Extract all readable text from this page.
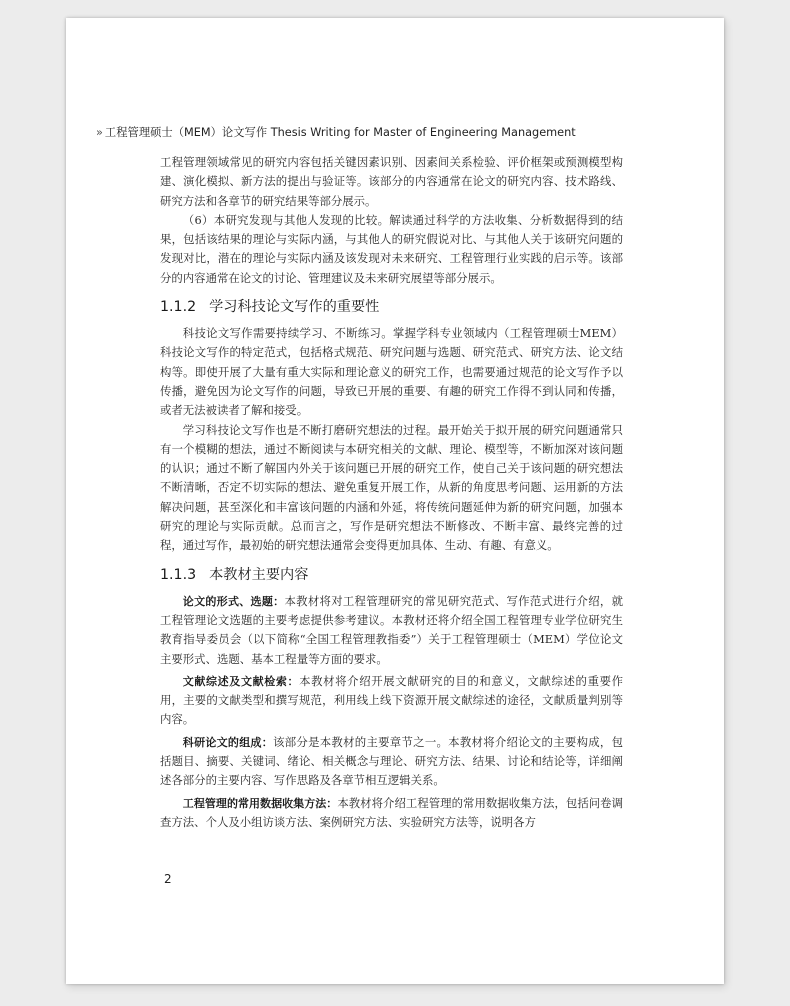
» 工程管理硕士（MEM）论文写作 Thesis Writing for Master of Engineering Management

工程管理领域常见的研究内容包括关键因素识别、因素间关系检验、评价框架或预测模型构建、演化模拟、新方法的提出与验证等。该部分的内容通常在论文的研究内容、技术路线、研究方法和各章节的研究结果等部分展示。

（6）本研究发现与其他人发现的比较。解读通过科学的方法收集、分析数据得到的结果，包括该结果的理论与实际内涵，与其他人的研究假说对比、与其他人关于该研究问题的发现对比，潜在的理论与实际内涵及该发现对未来研究、工程管理行业实践的启示等。该部分的内容通常在论文的讨论、管理建议及未来研究展望等部分展示。

1.1.2 学习科技论文写作的重要性

科技论文写作需要持续学习、不断练习。掌握学科专业领域内（工程管理硕士MEM）科技论文写作的特定范式，包括格式规范、研究问题与选题、研究范式、研究方法、论文结构等。即使开展了大量有重大实际和理论意义的研究工作，也需要通过规范的论文写作予以传播，避免因为论文写作的问题，导致已开展的重要、有趣的研究工作得不到认同和传播，或者无法被读者了解和接受。

学习科技论文写作也是不断打磨研究想法的过程。最开始关于拟开展的研究问题通常只有一个模糊的想法，通过不断阅读与本研究相关的文献、理论、模型等，不断加深对该问题的认识；通过不断了解国内外关于该问题已开展的研究工作，使自己关于该问题的研究想法不断清晰，否定不切实际的想法、避免重复开展工作，从新的角度思考问题、运用新的方法解决问题，甚至深化和丰富该问题的内涵和外延，将传统问题延伸为新的研究问题，加强本研究的理论与实际贡献。总而言之，写作是研究想法不断修改、不断丰富、最终完善的过程，通过写作，最初始的研究想法通常会变得更加具体、生动、有趣、有意义。

1.1.3 本教材主要内容

论文的形式、选题：本教材将对工程管理研究的常见研究范式、写作范式进行介绍，就工程管理论文选题的主要考虑提供参考建议。本教材还将介绍全国工程管理专业学位研究生教育指导委员会（以下简称“全国工程管理教指委”）关于工程管理硕士（MEM）学位论文主要形式、选题、基本工程量等方面的要求。

文献综述及文献检索：本教材将介绍开展文献研究的目的和意义，文献综述的重要作用，主要的文献类型和撰写规范，利用线上线下资源开展文献综述的途径，文献质量判别等内容。

科研论文的组成：该部分是本教材的主要章节之一。本教材将介绍论文的主要构成，包括题目、摘要、关键词、绪论、相关概念与理论、研究方法、结果、讨论和结论等，详细阐述各部分的主要内容、写作思路及各章节相互逻辑关系。

工程管理的常用数据收集方法：本教材将介绍工程管理的常用数据收集方法，包括问卷调查方法、个人及小组访谈方法、案例研究方法、实验研究方法等，说明各方

2
